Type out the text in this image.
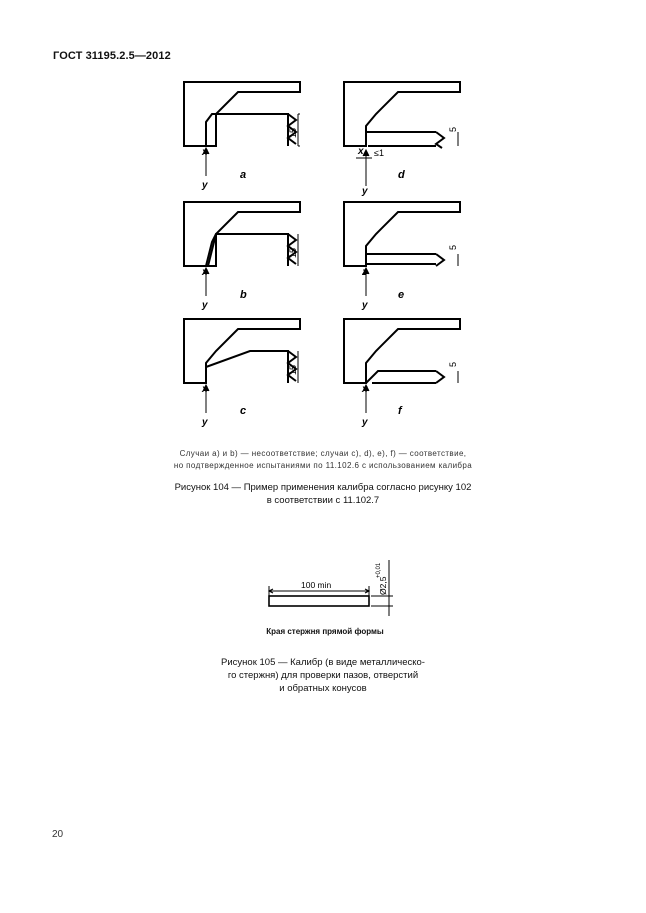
ГОСТ 31195.2.5—2012
15
15
15
5
5
5
≤1
x
y
x
y
x
y
x
y
z
y
x
y
a
b
c
d
e
f
Случаи a) и b) — несоответствие; случаи c), d), e), f) — соответствие,
но подтвержденное испытаниями по 11.102.6 с использованием калибра
Рисунок 104 — Пример применения калибра согласно рисунку 102
в соответствии с 11.102.7
100 min	Ø2,5
+0,01
Края стержня прямой формы
Рисунок 105 — Калибр (в виде металлическо-
го стержня) для проверки пазов, отверстий
и обратных конусов
20
